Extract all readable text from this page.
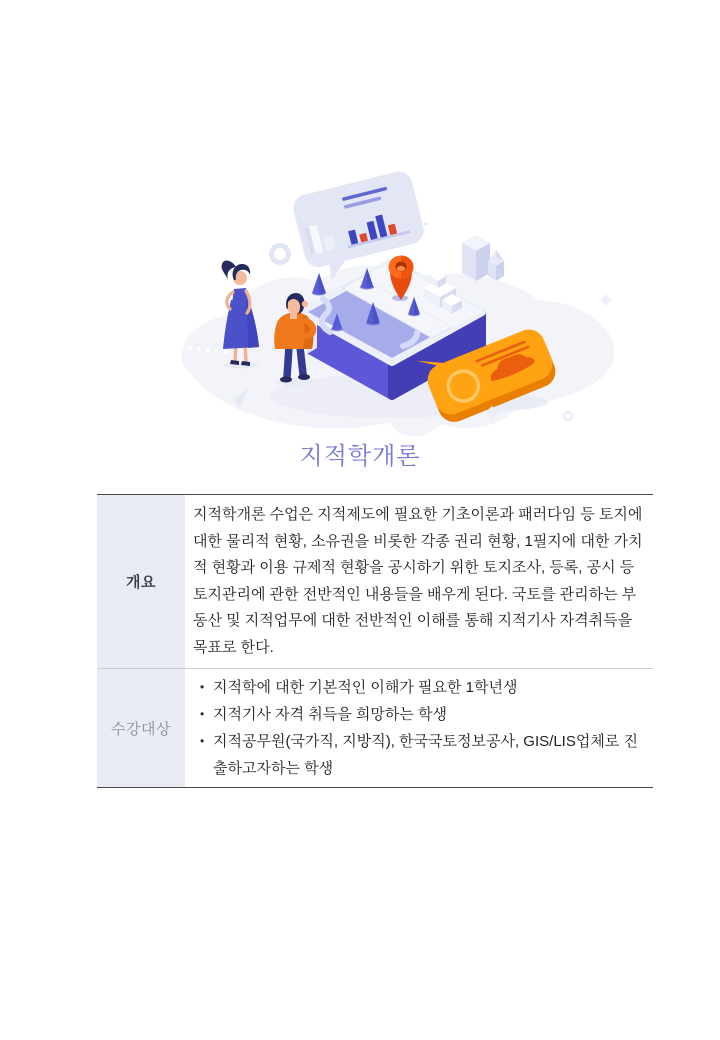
지적학개론
개요
지적학개론 수업은 지적제도에 필요한 기초이론과 패러다임 등 토지에 대한 물리적 현황, 소유권을 비롯한 각종 권리 현황, 1필지에 대한 가치적 현황과 이용 규제적 현황을 공시하기 위한 토지조사, 등록, 공시 등 토지관리에 관한 전반적인 내용들을 배우게 된다. 국토를 관리하는 부동산 및 지적업무에 대한 전반적인 이해를 통해 지적기사 자격취득을 목표로 한다.
수강대상
• 지적학에 대한 기본적인 이해가 필요한 1학년생
• 지적기사 자격 취득을 희망하는 학생
• 지적공무원(국가직, 지방직), 한국국토정보공사, GIS/LIS업체로 진출하고자하는 학생
